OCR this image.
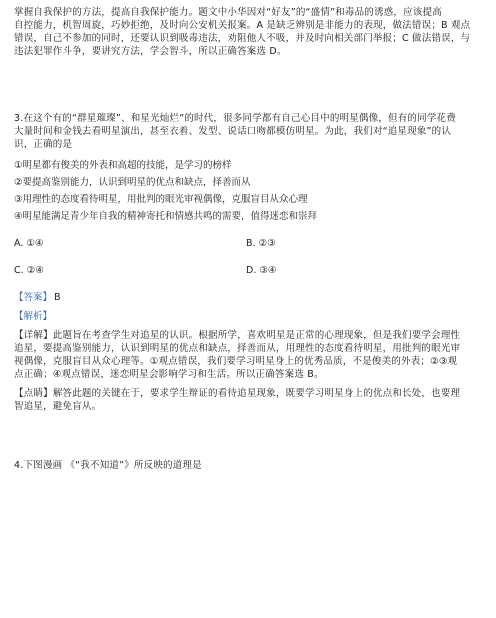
掌握自我保护的方法，提高自我保护能力。题文中小华因对“好友”的“盛情”和毒品的诱惑，应该提高
自控能力，机智周旋，巧妙拒绝，及时向公安机关报案。A 是缺乏辨别是非能力的表现，做法错误；B 观点
错误，自己不参加的同时，还要认识到吸毒违法，劝阻他人不吸，并及时向相关部门举报；C 做法错误，与
违法犯罪作斗争，要讲究方法，学会智斗，所以正确答案选 D。
3.在这个有的“群星璀璨”、和星光灿烂”的时代，很多同学都有自己心目中的明星偶像，但有的同学花费
大量时间和金钱去看明星演出，甚至衣着、发型、说话口吻都模仿明星。为此，我们对“追星现象”的认
识，正确的是
①明星都有俊美的外表和高超的技能，是学习的榜样
②要提高鉴别能力，认识到明星的优点和缺点，择善而从
③用理性的态度看待明星，用批判的眼光审视偶像，克服盲目从众心理
④明星能满足青少年自我的精神寄托和情感共鸣的需要，值得迷恋和崇拜
A. ①④	B. ②③
C. ②④	D. ③④
【答案】 B
【解析】
【详解】此题旨在考查学生对追星的认识。根据所学，喜欢明星是正常的心理现象，但是我们要学会理性
追星，要提高鉴别能力，认识到明星的优点和缺点，择善而从，用理性的态度看待明星，用批判的眼光审
视偶像，克服盲目从众心理等。①观点错误，我们要学习明星身上的优秀品质，不是俊美的外表；②③观
点正确；④观点错误，迷恋明星会影响学习和生活。所以正确答案选 B。
【点睛】解答此题的关键在于，要求学生辩证的看待追星现象，既要学习明星身上的优点和长处，也要理
智追星，避免盲从。
4.下图漫画 《“我不知道”》所反映的道理是
